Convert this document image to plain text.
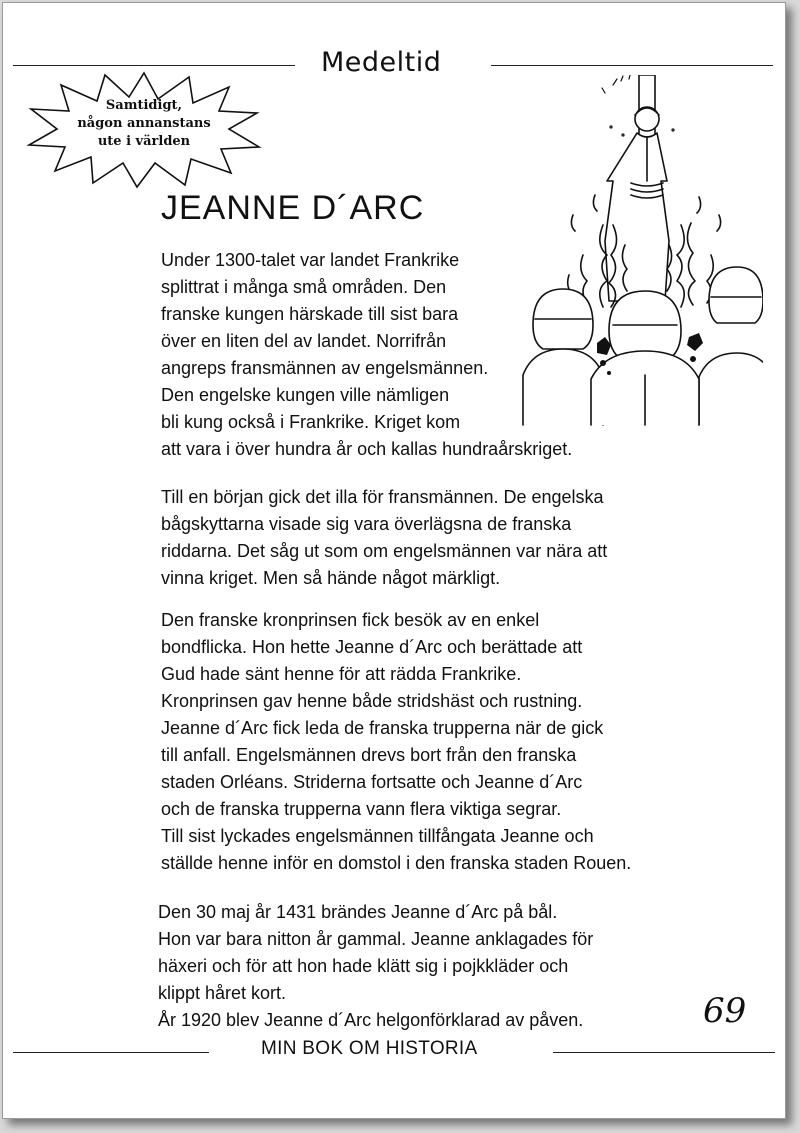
Medeltid
Samtidigt,
någon annanstans
ute i världen
JEANNE D´ARC
Under 1300-talet var landet Frankrike
splittrat i många små områden. Den
franske kungen härskade till sist bara
över en liten del av landet. Norrifrån
angreps fransmännen av engelsmännen.
Den engelske kungen ville nämligen
bli kung också i Frankrike. Kriget kom
att vara i över hundra år och kallas hundraårskriget.
Till en början gick det illa för fransmännen. De engelska
bågskyttarna visade sig vara överlägsna de franska
riddarna. Det såg ut som om engelsmännen var nära att
vinna kriget. Men så hände något märkligt.
Den franske kronprinsen fick besök av en enkel
bondflicka. Hon hette Jeanne d´Arc och berättade att
Gud hade sänt henne för att rädda Frankrike.
Kronprinsen gav henne både stridshäst och rustning.
Jeanne d´Arc fick leda de franska trupperna när de gick
till anfall. Engelsmännen drevs bort från den franska
staden Orléans. Striderna fortsatte och Jeanne d´Arc
och de franska trupperna vann flera viktiga segrar.
Till sist lyckades engelsmännen tillfångata Jeanne och
ställde henne inför en domstol i den franska staden Rouen.
Den 30 maj år 1431 brändes Jeanne d´Arc på bål.
Hon var bara nitton år gammal. Jeanne anklagades för
häxeri och för att hon hade klätt sig i pojkkläder och
klippt håret kort.
År 1920 blev Jeanne d´Arc helgonförklarad av påven.	69
MIN BOK OM HISTORIA
